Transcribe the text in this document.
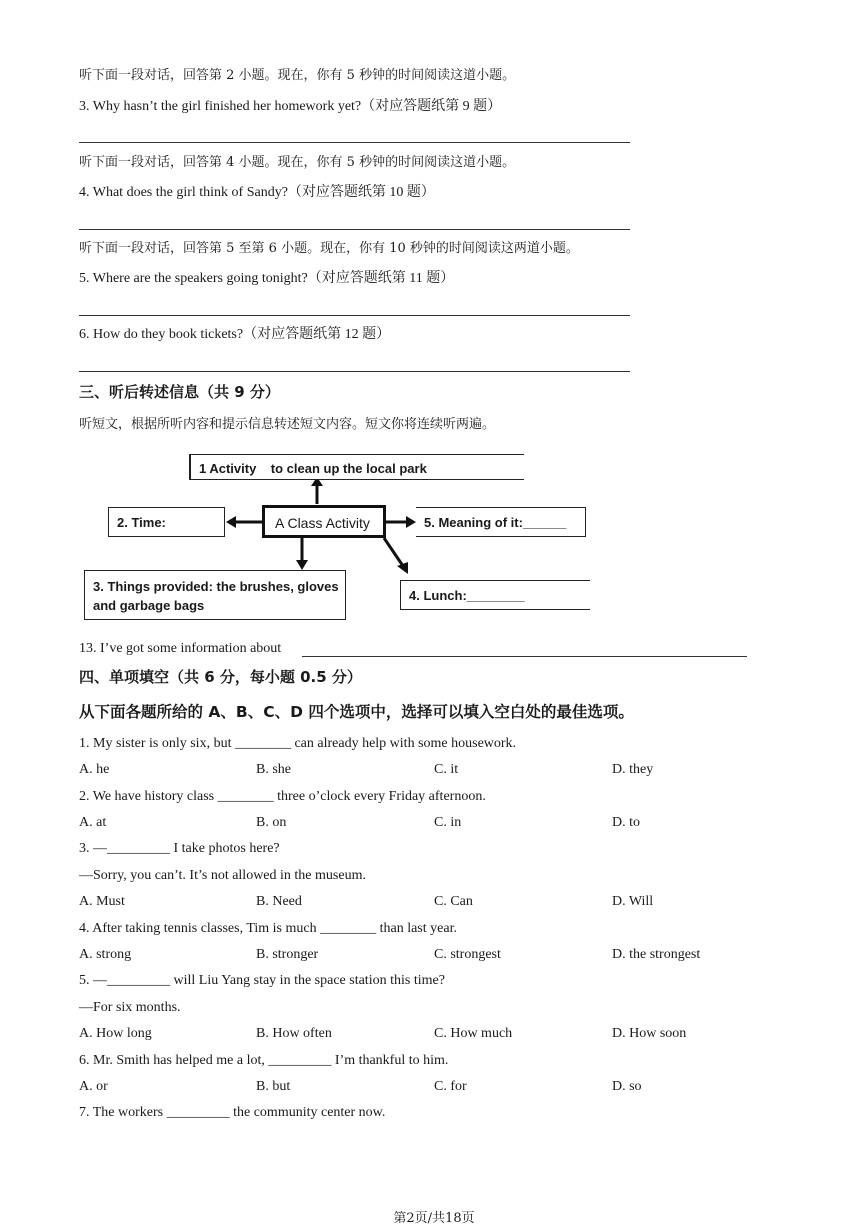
听下面一段对话，回答第 2 小题。现在，你有 5 秒钟的时间阅读这道小题。
3. Why hasn’t the girl finished her homework yet?（对应答题纸第 9 题）
听下面一段对话，回答第 4 小题。现在，你有 5 秒钟的时间阅读这道小题。
4. What does the girl think of Sandy?（对应答题纸第 10 题）
听下面一段对话，回答第 5 至第 6 小题。现在，你有 10 秒钟的时间阅读这两道小题。
5. Where are the speakers going tonight?（对应答题纸第 11 题）
6. How do they book tickets?（对应答题纸第 12 题）
三、听后转述信息（共 9 分）
听短文，根据所听内容和提示信息转述短文内容。短文你将连续听两遍。
1 Activity    to clean up the local park
A Class Activity
2. Time:	5. Meaning of it:______
3. Things provided: the brushes, gloves and garbage bags
4. Lunch:________
13. I’ve got some information about
四、单项填空（共 6 分，每小题 0.5 分）
从下面各题所给的 A、B、C、D 四个选项中，选择可以填入空白处的最佳选项。
1. My sister is only six, but ________ can already help with some housework.
A. he	B. she	C. it	D. they
2. We have history class ________ three o’clock every Friday afternoon.
A. at	B. on	C. in	D. to
3. —_________ I take photos here?
—Sorry, you can’t. It’s not allowed in the museum.
A. Must	B. Need	C. Can	D. Will
4. After taking tennis classes, Tim is much ________ than last year.
A. strong	B. stronger	C. strongest	D. the strongest
5. —_________ will Liu Yang stay in the space station this time?
—For six months.
A. How long	B. How often	C. How much	D. How soon
6. Mr. Smith has helped me a lot, _________ I’m thankful to him.
A. or	B. but	C. for	D. so
7. The workers _________ the community center now.
第2页/共18页
